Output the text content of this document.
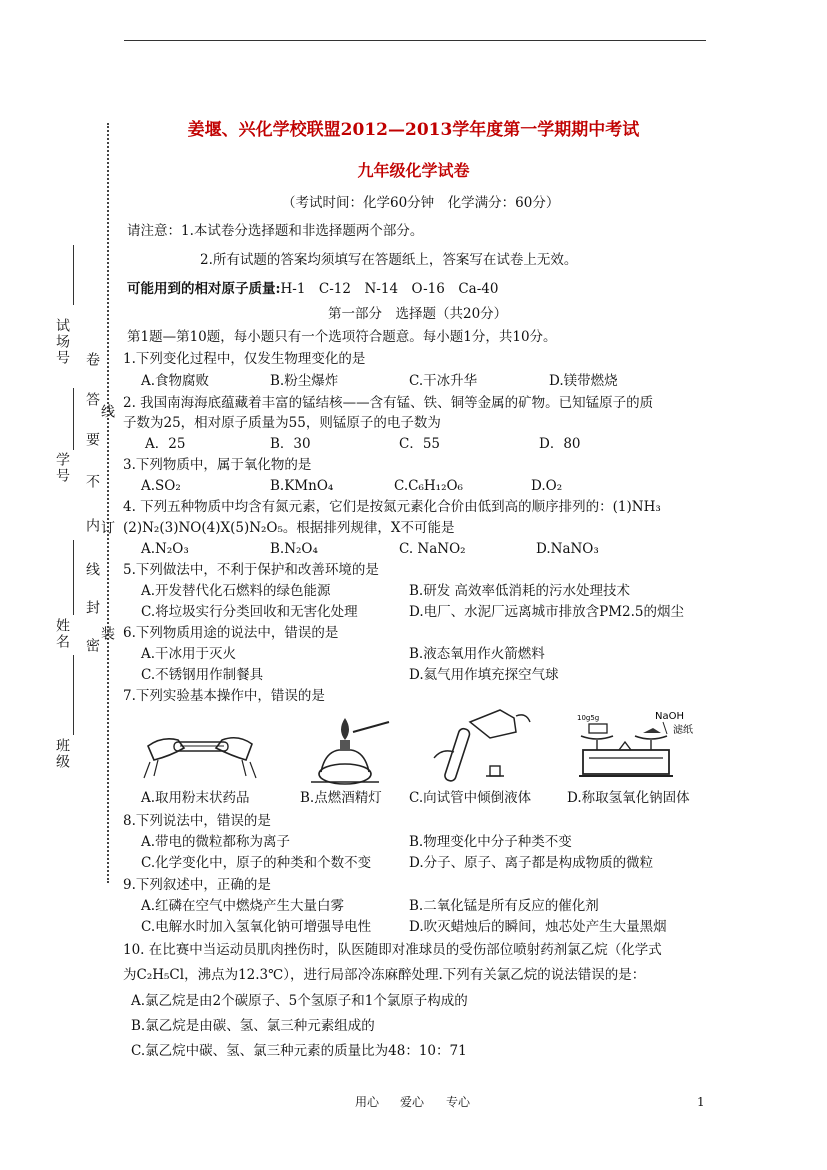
姜堰、兴化学校联盟2012—2013学年度第一学期期中考试
九年级化学试卷
（考试时间：化学60分钟　化学满分：60分）
请注意：1.本试卷分选择题和非选择题两个部分。
2.所有试题的答案均须填写在答题纸上，答案写在试卷上无效。
可能用到的相对原子质量:H-1　C-12　N-14　O-16　Ca-40
第一部分　选择题（共20分）
第1题—第10题，每小题只有一个选项符合题意。每小题1分，共10分。
试场号
学号
姓名
班级
卷
答
要
不
内
线
封
密
线
订
装
1.下列变化过程中，仅发生物理变化的是
A.食物腐败	B.粉尘爆炸	C.干冰升华	D.镁带燃烧
2. 我国南海海底蕴藏着丰富的锰结核——含有锰、铁、铜等金属的矿物。已知锰原子的质
子数为25，相对原子质量为55，则锰原子的电子数为
A．25	B．30	C．55	D．80
3.下列物质中，属于氧化物的是
A.SO₂	B.KMnO₄	C.C₆H₁₂O₆	D.O₂
4. 下列五种物质中均含有氮元素，它们是按氮元素化合价由低到高的顺序排列的：(1)NH₃
(2)N₂(3)NO(4)X(5)N₂O₅。根据排列规律，X不可能是
A.N₂O₃	B.N₂O₄	C. NaNO₂	D.NaNO₃
5.下列做法中，不利于保护和改善环境的是
A.开发替代化石燃料的绿色能源	B.研发 高效率低消耗的污水处理技术
C.将垃圾实行分类回收和无害化处理	D.电厂、水泥厂远离城市排放含PM2.5的烟尘
6.下列物质用途的说法中，错误的是
A.干冰用于灭火	B.液态氧用作火箭燃料
C.不锈钢用作制餐具	D.氦气用作填充探空气球
7.下列实验基本操作中，错误的是
10g5g	NaOH
滤纸
A.取用粉末状药品	B.点燃酒精灯 C.向试管中倾倒液体	D.称取氢氧化钠固体
8.下列说法中，错误的是
A.带电的微粒都称为离子	B.物理变化中分子种类不变
C.化学变化中，原子的种类和个数不变	D.分子、原子、离子都是构成物质的微粒
9.下列叙述中，正确的是
A.红磷在空气中燃烧产生大量白雾	B.二氧化锰是所有反应的催化剂
C.电解水时加入氢氧化钠可增强导电性	D.吹灭蜡烛后的瞬间，烛芯处产生大量黑烟
10. 在比赛中当运动员肌肉挫伤时，队医随即对准球员的受伤部位喷射药剂氯乙烷（化学式
为C₂H₅Cl，沸点为12.3℃），进行局部冷冻麻醉处理.下列有关氯乙烷的说法错误的是：
A.氯乙烷是由2个碳原子、5个氢原子和1个氯原子构成的
B.氯乙烷是由碳、氢、氯三种元素组成的
C.氯乙烷中碳、氢、氯三种元素的质量比为48：10：71
用心 爱心 专心	1
